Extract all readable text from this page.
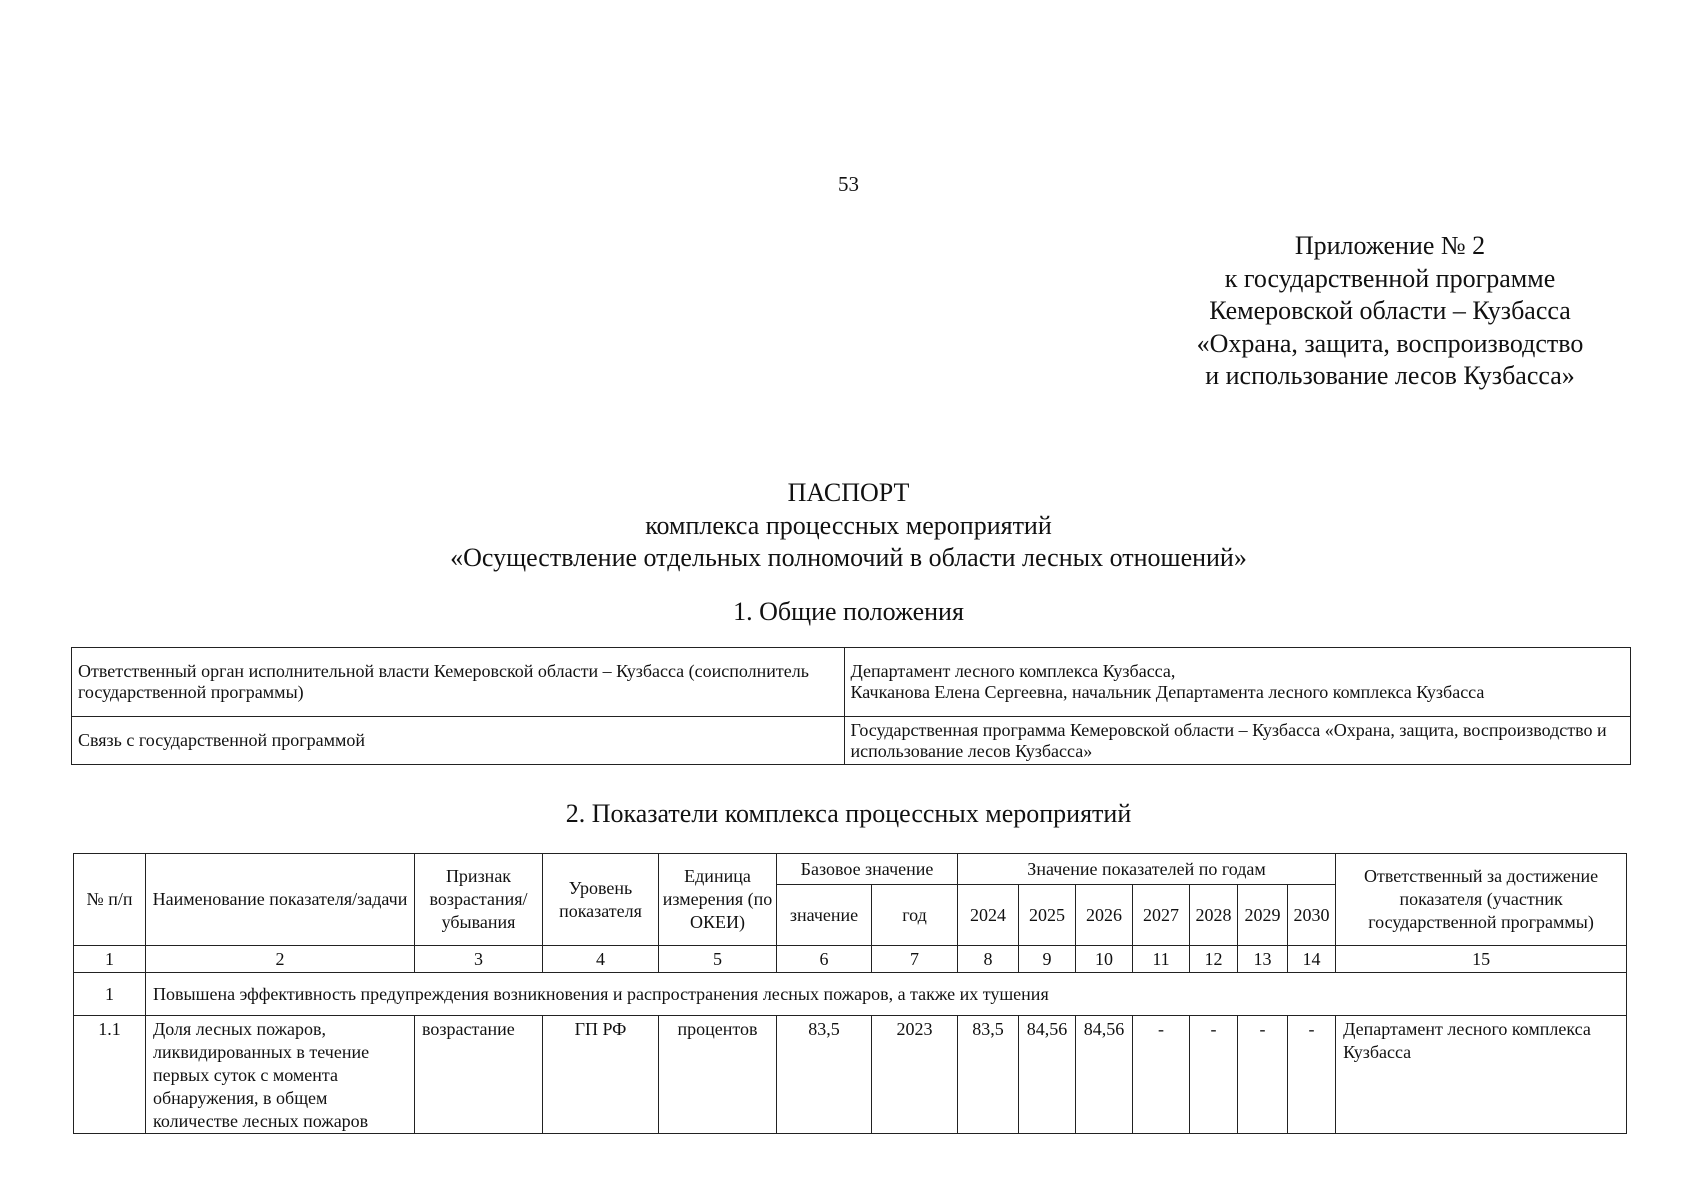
53
Приложение № 2
к государственной программе
Кемеровской области – Кузбасса
«Охрана, защита, воспроизводство
и использование лесов Кузбасса»
ПАСПОРТ
комплекса процессных мероприятий
«Осуществление отдельных полномочий в области лесных отношений»
1. Общие положения
Ответственный орган исполнительной власти Кемеровской области – Кузбасса (соисполнитель государственной программы)	Департамент лесного комплекса Кузбасса,
Качканова Елена Сергеевна, начальник Департамента лесного комплекса Кузбасса

Связь с государственной программой	Государственная программа Кемеровской области – Кузбасса «Охрана, защита, воспроизводство и использование лесов Кузбасса»
2. Показатели комплекса процессных мероприятий
№ п/п	Наименование показателя/задачи	Признак возрастания/ убывания	Уровень показателя	Единица измерения (по ОКЕИ)	Базовое значение		Значение показателей по годам							Ответственный за достижение показателя (участник государственной программы)
					значение	год	2024	2025	2026	2027	2028	2029	2030	
1	2	3	4	5	6	7	8	9	10	11	12	13	14	15
1	Повышена эффективность предупреждения возникновения и распространения лесных пожаров, а также их тушения													
1.1	Доля лесных пожаров, ликвидированных в течение первых суток с момента обнаружения, в общем количестве лесных пожаров	возрастание	ГП РФ	процентов	83,5	2023	83,5	84,56	84,56	-	-	-	-	Департамент лесного комплекса Кузбасса
